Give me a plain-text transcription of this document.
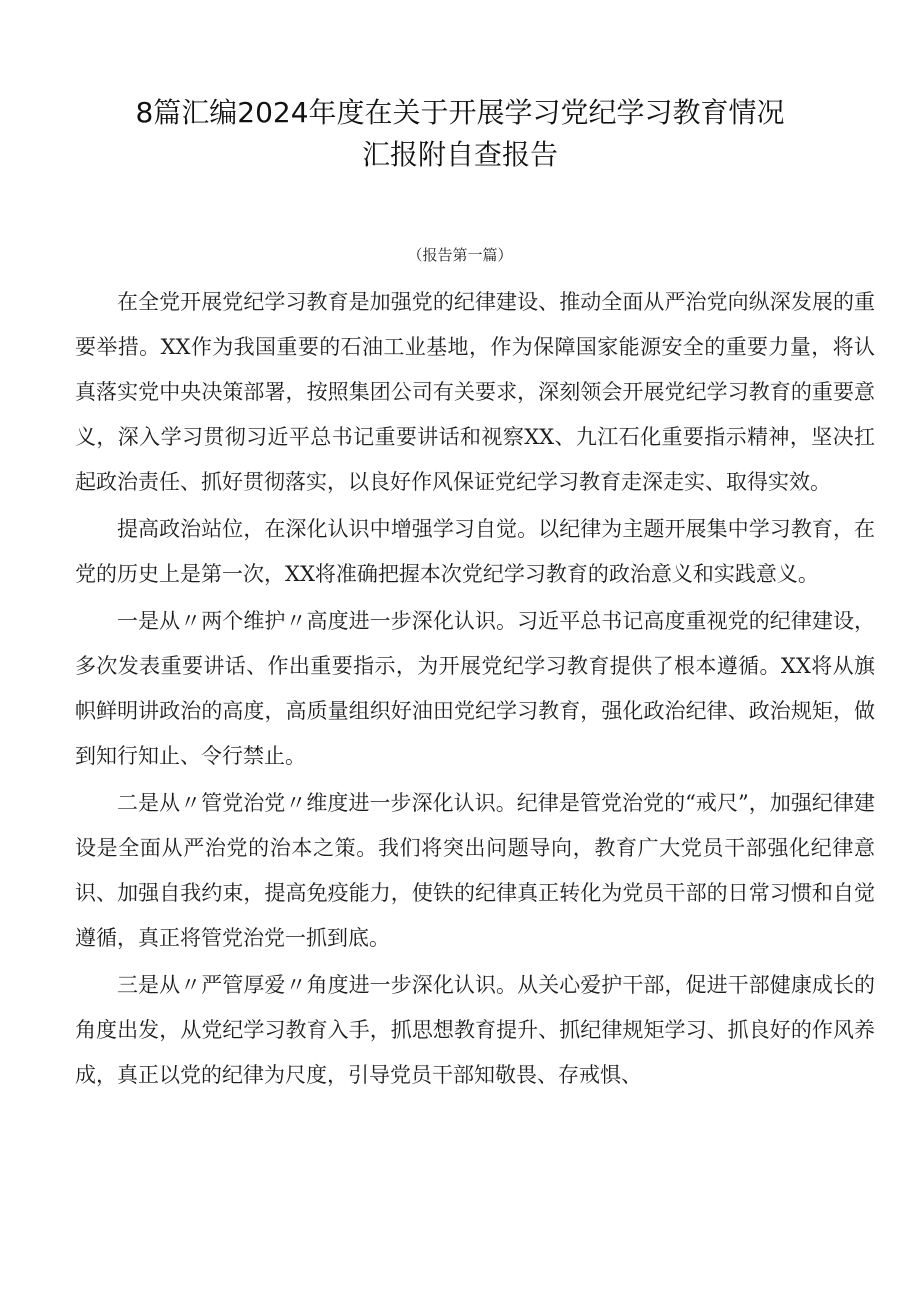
8篇汇编2024年度在关于开展学习党纪学习教育情况
汇报附自查报告
（报告第一篇）

在全党开展党纪学习教育是加强党的纪律建设、推动全面从严治党向纵深发展的重要举措。XX作为我国重要的石油工业基地，作为保障国家能源安全的重要力量，将认真落实党中央决策部署，按照集团公司有关要求，深刻领会开展党纪学习教育的重要意义，深入学习贯彻习近平总书记重要讲话和视察XX、九江石化重要指示精神，坚决扛起政治责任、抓好贯彻落实，以良好作风保证党纪学习教育走深走实、取得实效。

提高政治站位，在深化认识中增强学习自觉。以纪律为主题开展集中学习教育，在党的历史上是第一次，XX将准确把握本次党纪学习教育的政治意义和实践意义。

一是从〃两个维护〃高度进一步深化认识。习近平总书记高度重视党的纪律建设，多次发表重要讲话、作出重要指示，为开展党纪学习教育提供了根本遵循。XX将从旗帜鲜明讲政治的高度，高质量组织好油田党纪学习教育，强化政治纪律、政治规矩，做到知行知止、令行禁止。

二是从〃管党治党〃维度进一步深化认识。纪律是管党治党的“戒尺”，加强纪律建设是全面从严治党的治本之策。我们将突出问题导向，教育广大党员干部强化纪律意识、加强自我约束，提高免疫能力，使铁的纪律真正转化为党员干部的日常习惯和自觉遵循，真正将管党治党一抓到底。

三是从〃严管厚爱〃角度进一步深化认识。从关心爱护干部，促进干部健康成长的角度出发，从党纪学习教育入手，抓思想教育提升、抓纪律规矩学习、抓良好的作风养成，真正以党的纪律为尺度，引导党员干部知敬畏、存戒惧、
